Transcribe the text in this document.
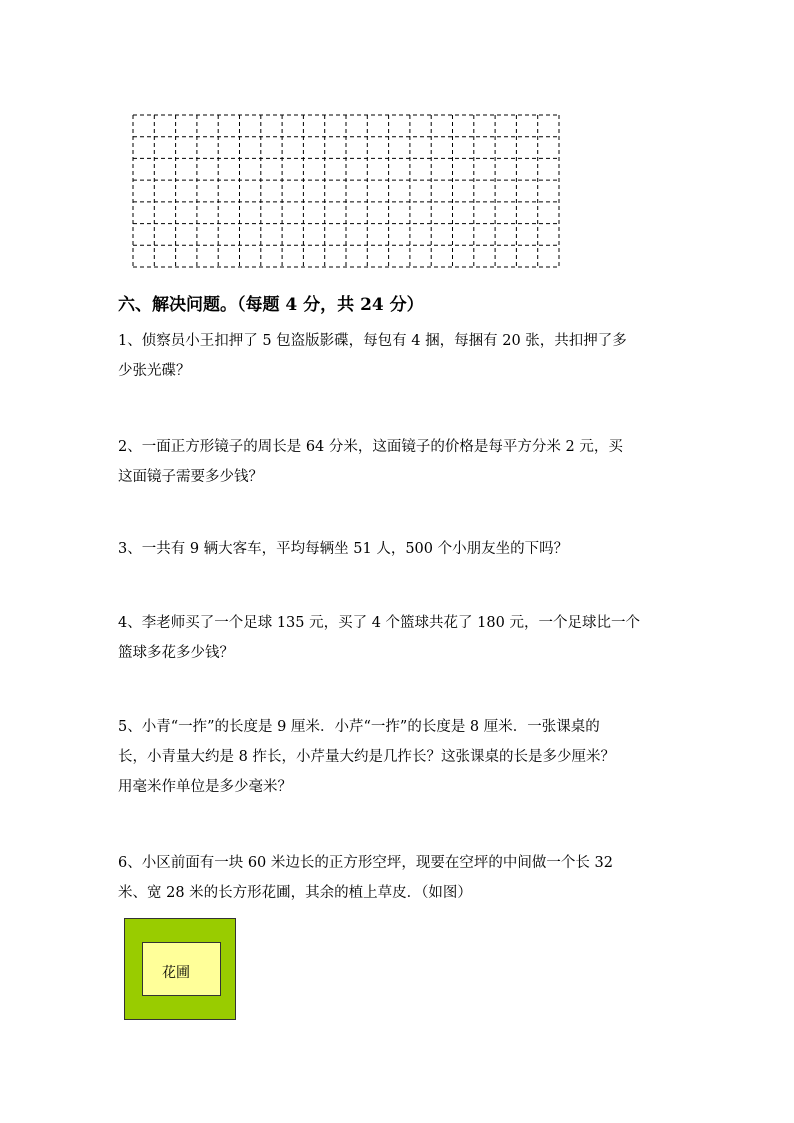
六、解决问题。（每题 4 分，共 24 分）
1、侦察员小王扣押了 5 包盗版影碟，每包有 4 捆，每捆有 20 张，共扣押了多
少张光碟？
2、一面正方形镜子的周长是 64 分米，这面镜子的价格是每平方分米 2 元，买
这面镜子需要多少钱？
3、一共有 9 辆大客车，平均每辆坐 51 人，500 个小朋友坐的下吗？
4、李老师买了一个足球 135 元，买了 4 个篮球共花了 180 元，一个足球比一个
篮球多花多少钱？
5、小青“一拃”的长度是 9 厘米．小芹“一拃”的长度是 8 厘米．一张课桌的
长，小青量大约是 8 拃长，小芹量大约是几拃长？这张课桌的长是多少厘米？
用毫米作单位是多少毫米？
6、小区前面有一块 60 米边长的正方形空坪，现要在空坪的中间做一个长 32
米、宽 28 米的长方形花圃，其余的植上草皮．（如图）
花圃
